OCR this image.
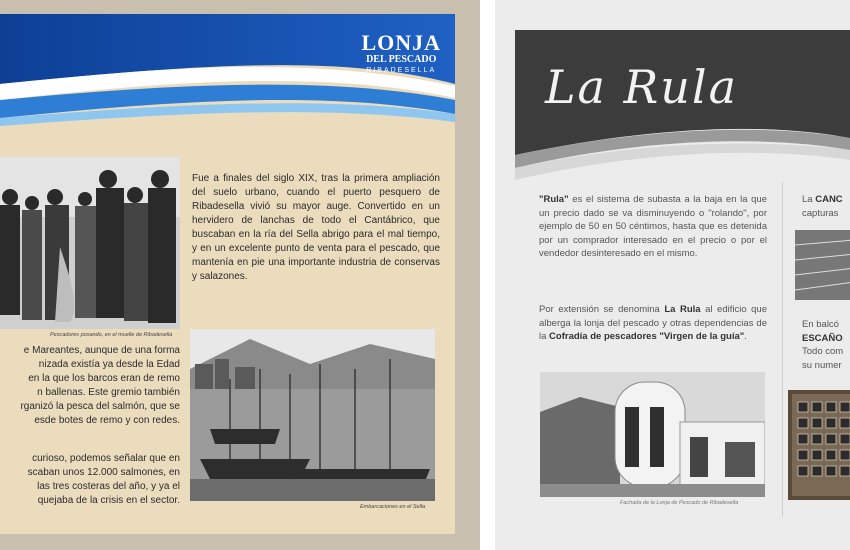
LONJA
DEL PESCADO
RIBADESELLA
Pescadores posando, en el muelle de Ribadesella

Fue a finales del siglo XIX, tras la primera ampliación del suelo urbano, cuando el puerto pesquero de Ribadesella vivió su mayor auge. Convertido en un hervidero de lanchas de todo el Cantábrico, que buscaban en la ría del Sella abrigo para el mal tiempo, y en un excelente punto de venta para el pescado, que mantenía en pie una importante industria de conservas y salazones.

Embarcaciones en el Sella

e Mareantes, aunque de una forma
nizada existía ya desde la Edad
en la que los barcos eran de remo
n ballenas. Este gremio también
rganizó la pesca del salmón, que se
esde botes de remo y con redes.

curioso, podemos señalar que en
scaban unos 12.000 salmones, en
las tres costeras del año, y ya el
quejaba de la crisis en el sector.

La Rula

"Rula" es el sistema de subasta a la baja en la que un precio dado se va disminuyendo o "rolando", por ejemplo de 50 en 50 céntimos, hasta que es detenida por un comprador interesado en el precio o por el vendedor desinteresado en el mismo.

Por extensión se denomina La Rula al edificio que alberga la lonja del pescado y otras dependencias de la Cofradía de pescadores "Virgen de la guía".

Fachada de la Lonja de Pescado de Ribadesella

La CANC
capturas

En balcó
ESCAÑO
Todo com
su numer
